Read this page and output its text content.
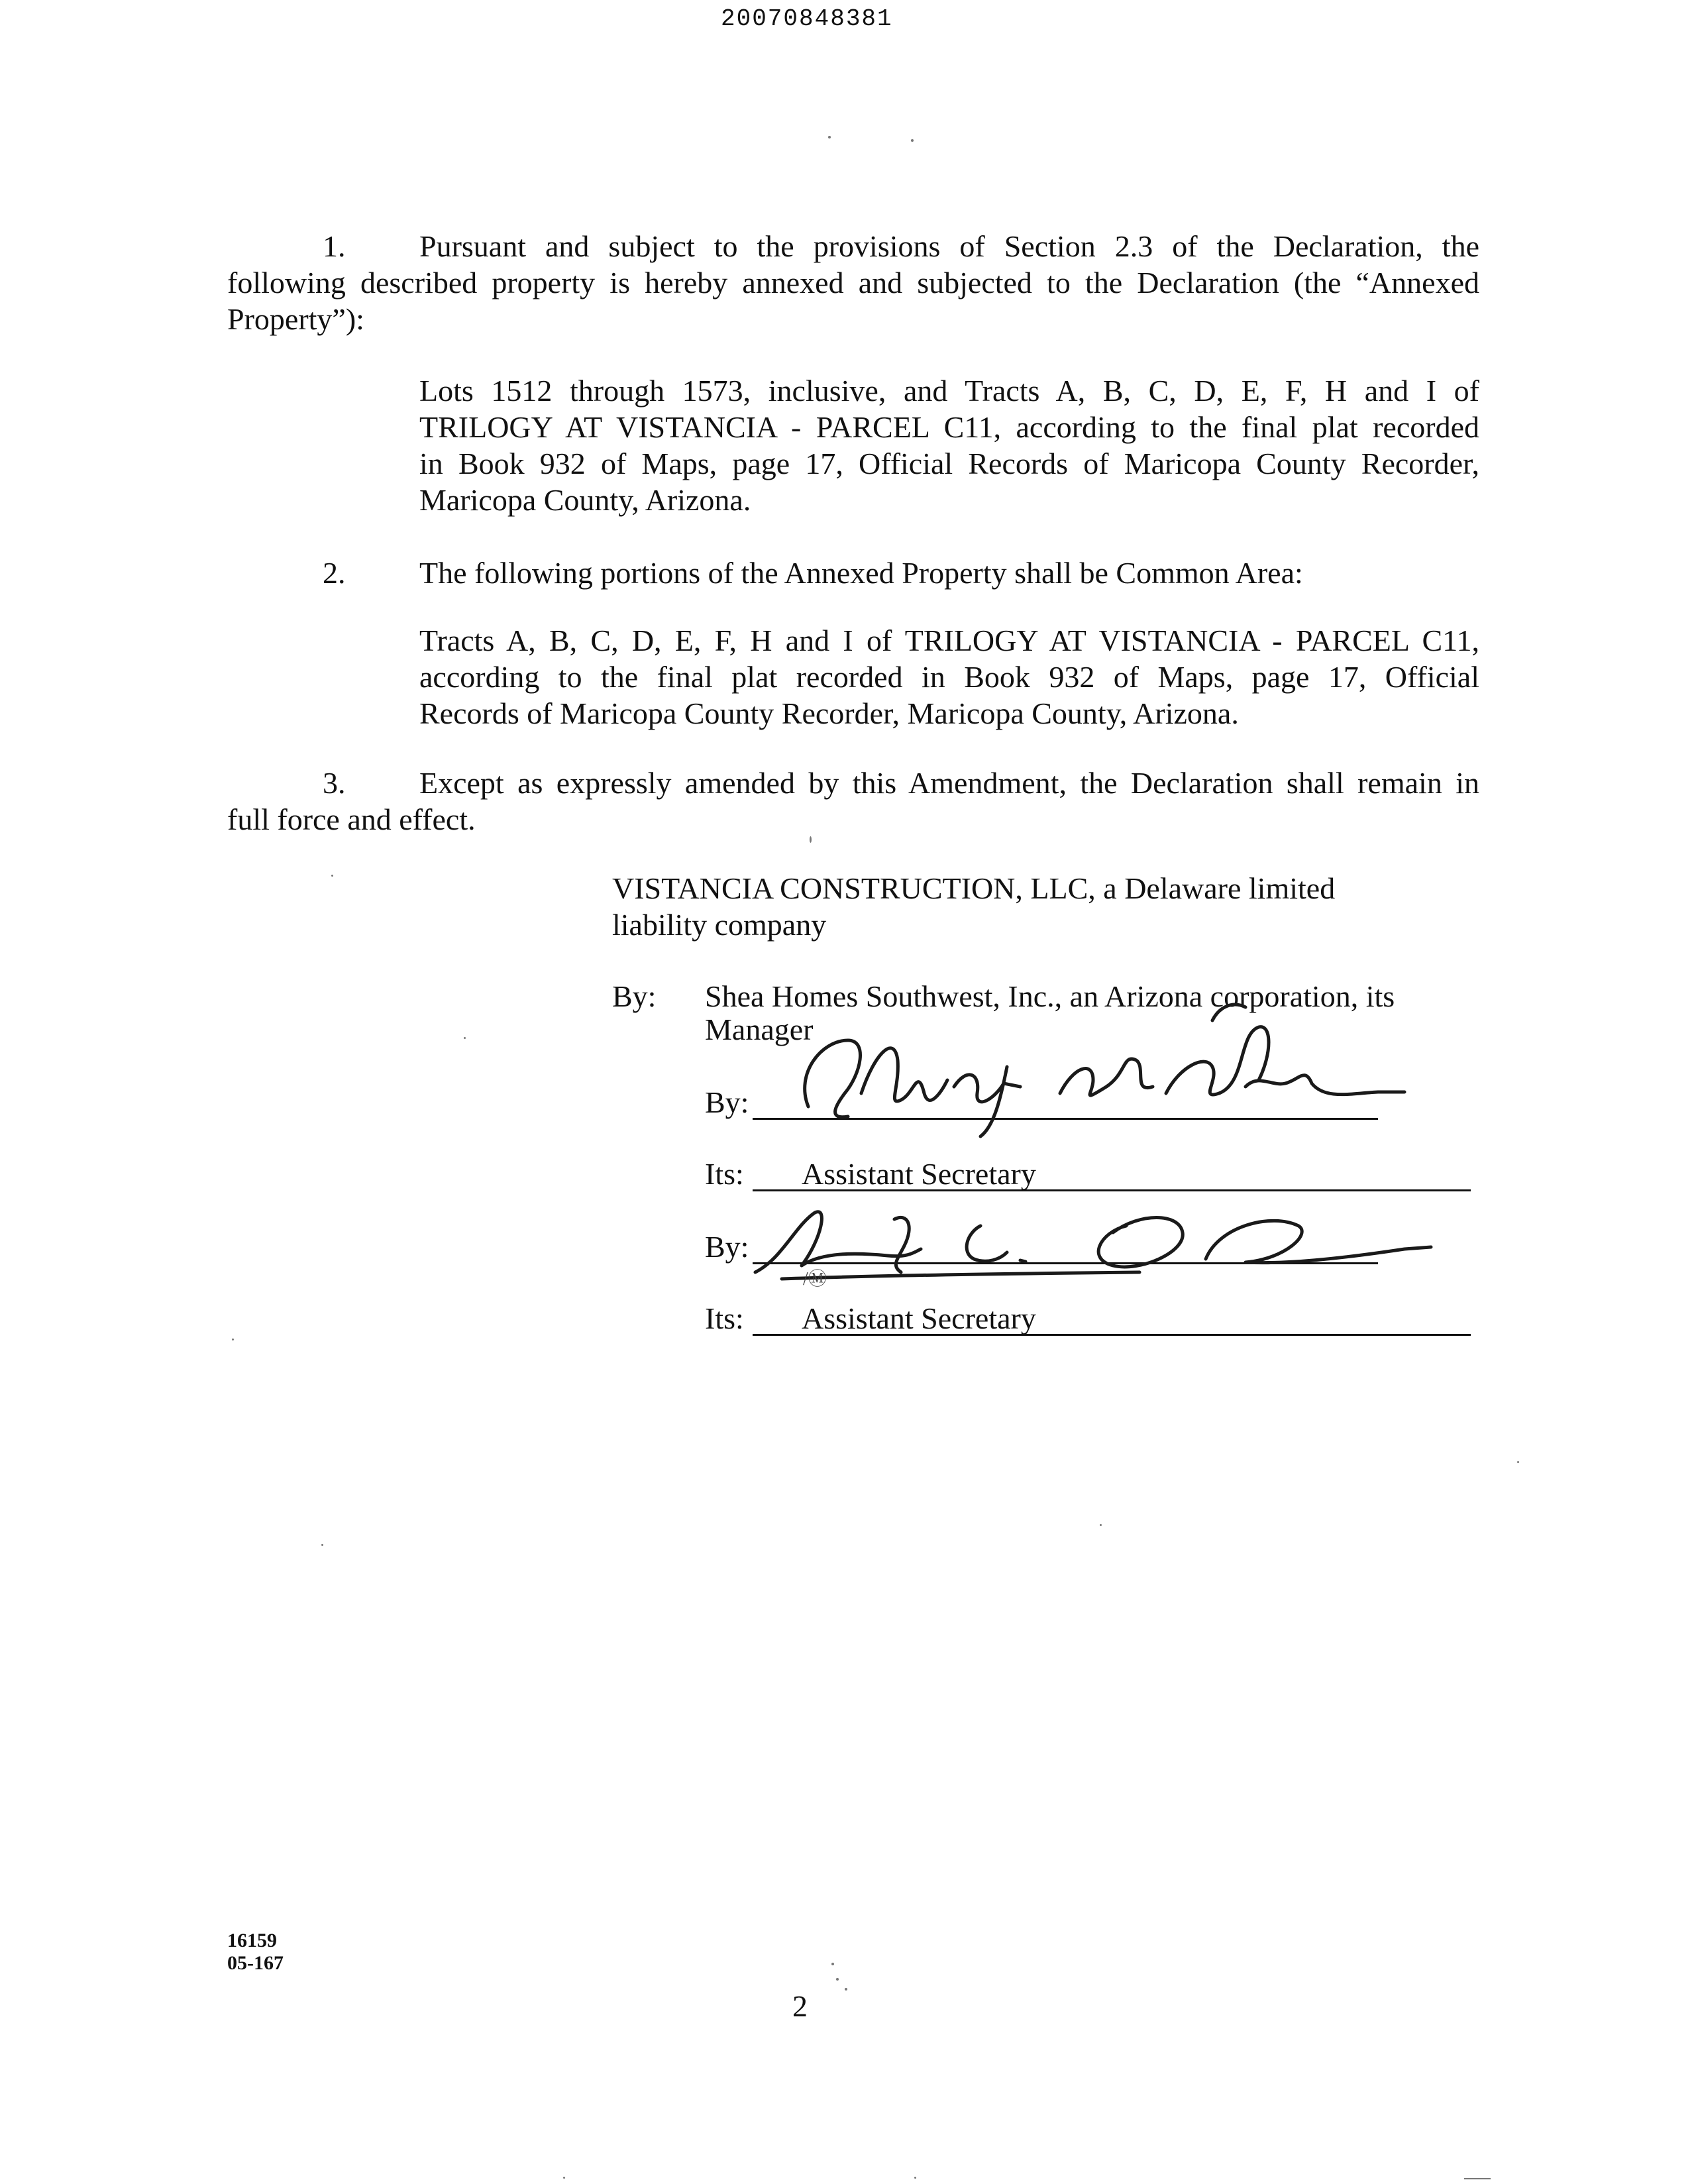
20070848381
1. Pursuant and subject to the provisions of Section 2.3 of the Declaration, the
following described property is hereby annexed and subjected to the Declaration (the “Annexed
Property”):
Lots 1512 through 1573, inclusive, and Tracts A, B, C, D, E, F, H and I of
TRILOGY AT VISTANCIA - PARCEL C11, according to the final plat recorded
in Book 932 of Maps, page 17, Official Records of Maricopa County Recorder,
Maricopa County, Arizona.
2. The following portions of the Annexed Property shall be Common Area:
Tracts A, B, C, D, E, F, H and I of TRILOGY AT VISTANCIA - PARCEL C11,
according to the final plat recorded in Book 932 of Maps, page 17, Official
Records of Maricopa County Recorder, Maricopa County, Arizona.
3. Except as expressly amended by this Amendment, the Declaration shall remain in
full force and effect.
VISTANCIA CONSTRUCTION, LLC, a Delaware limited
liability company
By: Shea Homes Southwest, Inc., an Arizona corporation, its
Manager
By:
Its: Assistant Secretary
By:
/Ⓜ
Its: Assistant Secretary
16159
05-167
2
